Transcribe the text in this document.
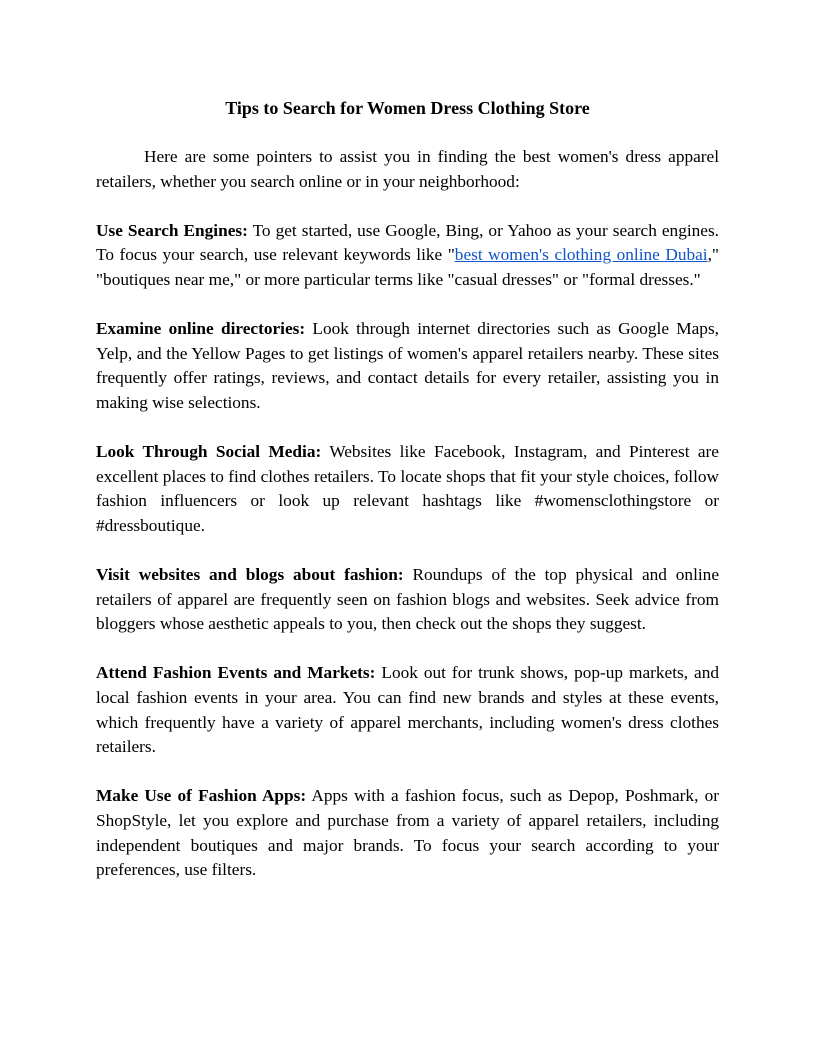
Tips to Search for Women Dress Clothing Store

Here are some pointers to assist you in finding the best women's dress apparel retailers, whether you search online or in your neighborhood:

Use Search Engines: To get started, use Google, Bing, or Yahoo as your search engines. To focus your search, use relevant keywords like "best women's clothing online Dubai," "boutiques near me," or more particular terms like "casual dresses" or "formal dresses."

Examine online directories: Look through internet directories such as Google Maps, Yelp, and the Yellow Pages to get listings of women's apparel retailers nearby. These sites frequently offer ratings, reviews, and contact details for every retailer, assisting you in making wise selections.

Look Through Social Media: Websites like Facebook, Instagram, and Pinterest are excellent places to find clothes retailers. To locate shops that fit your style choices, follow fashion influencers or look up relevant hashtags like #womensclothingstore or #dressboutique.

Visit websites and blogs about fashion: Roundups of the top physical and online retailers of apparel are frequently seen on fashion blogs and websites. Seek advice from bloggers whose aesthetic appeals to you, then check out the shops they suggest.

Attend Fashion Events and Markets: Look out for trunk shows, pop-up markets, and local fashion events in your area. You can find new brands and styles at these events, which frequently have a variety of apparel merchants, including women's dress clothes retailers.

Make Use of Fashion Apps: Apps with a fashion focus, such as Depop, Poshmark, or ShopStyle, let you explore and purchase from a variety of apparel retailers, including independent boutiques and major brands. To focus your search according to your preferences, use filters.
